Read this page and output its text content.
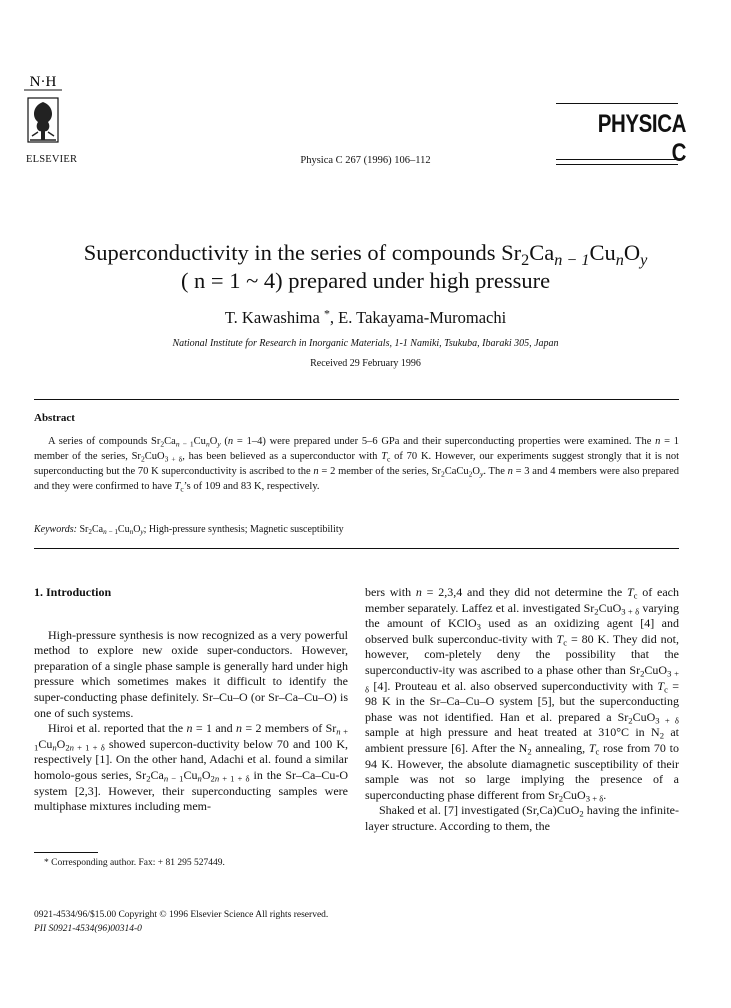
N·H
ELSEVIER	Physica C 267 (1996) 106–112
PHYSICA C
Superconductivity in the series of compounds $Sr_2Ca_{n - 1}Cu_nO_y$
( n = 1 ~ 4) prepared under high pressure
T. Kawashima *, E. Takayama-Muromachi
National Institute for Research in Inorganic Materials, 1-1 Namiki, Tsukuba, Ibaraki 305, Japan
Received 29 February 1996
Abstract
A series of compounds $Sr_2Ca_{n - 1}Cu_nO_y$ (n = 1–4) were prepared under 5–6 GPa and their superconducting properties were examined. The n = 1 member of the series, $Sr_2CuO_{3 + \delta}$, has been believed as a superconductor with $T_c$ of 70 K. However, our experiments suggest strongly that it is not superconducting but the 70 K superconductivity is ascribed to the n = 2 member of the series, $Sr_2CaCu_2O_y$. The n = 3 and 4 members were also prepared and they were confirmed to have $T_c’s$ of 109 and 83 K, respectively.
Keywords: $Sr_2Ca_{n - 1}Cu_nO_y$; High-pressure synthesis; Magnetic susceptibility
1. Introduction

High-pressure synthesis is now recognized as a very powerful method to explore new oxide super-conductors. However, preparation of a single phase sample is generally hard under high pressure which sometimes makes it difficult to identify the super-conducting phase definitely. Sr–Cu–O (or Sr–Ca–Cu–O) is one of such systems.

Hiroi et al. reported that the n = 1 and n = 2 members of $Sr_{n + 1}Cu_nO_{2n + 1 + \delta}$ showed supercon-ductivity below 70 and 100 K, respectively [1]. On the other hand, Adachi et al. found a similar homolo-gous series, $Sr_2Ca_{n - 1}Cu_nO_{2n + 1 + \delta}$ in the Sr–Ca–Cu-O system [2,3]. However, their superconducting samples were multiphase mixtures including mem-

* Corresponding author. Fax: + 81 295 527449.

bers with n = 2,3,4 and they did not determine the $T_c$ of each member separately. Laffez et al. investigated $Sr_2CuO_{3 + \delta}$ varying the amount of KClO$_3$ used as an oxidizing agent [4] and observed bulk superconduc-tivity with $T_c = 80$ K. They did not, however, com-pletely deny the possibility that the superconductiv-ity was ascribed to a phase other than $Sr_2CuO_{3 + \delta}$ [4]. Prouteau et al. also observed superconductivity with $T_c = 98$ K in the Sr–Ca–Cu–O system [5], but the superconducting phase was not identified. Han et al. prepared a $Sr_2CuO_{3 + \delta}$ sample at high pressure and heat treated at 310°C in $N_2$ at ambient pressure [6]. After the $N_2$ annealing, $T_c$ rose from 70 to 94 K. However, the absolute diamagnetic susceptibility of their sample was not so large implying the presence of a superconducting phase different from $Sr_2CuO_{3 + \delta}$.

Shaked et al. [7] investigated (Sr,Ca)CuO$_2$ having the infinite-layer structure. According to them, the

0921-4534/96/$15.00 Copyright © 1996 Elsevier Science All rights reserved.
PII S0921-4534(96)00314-0
